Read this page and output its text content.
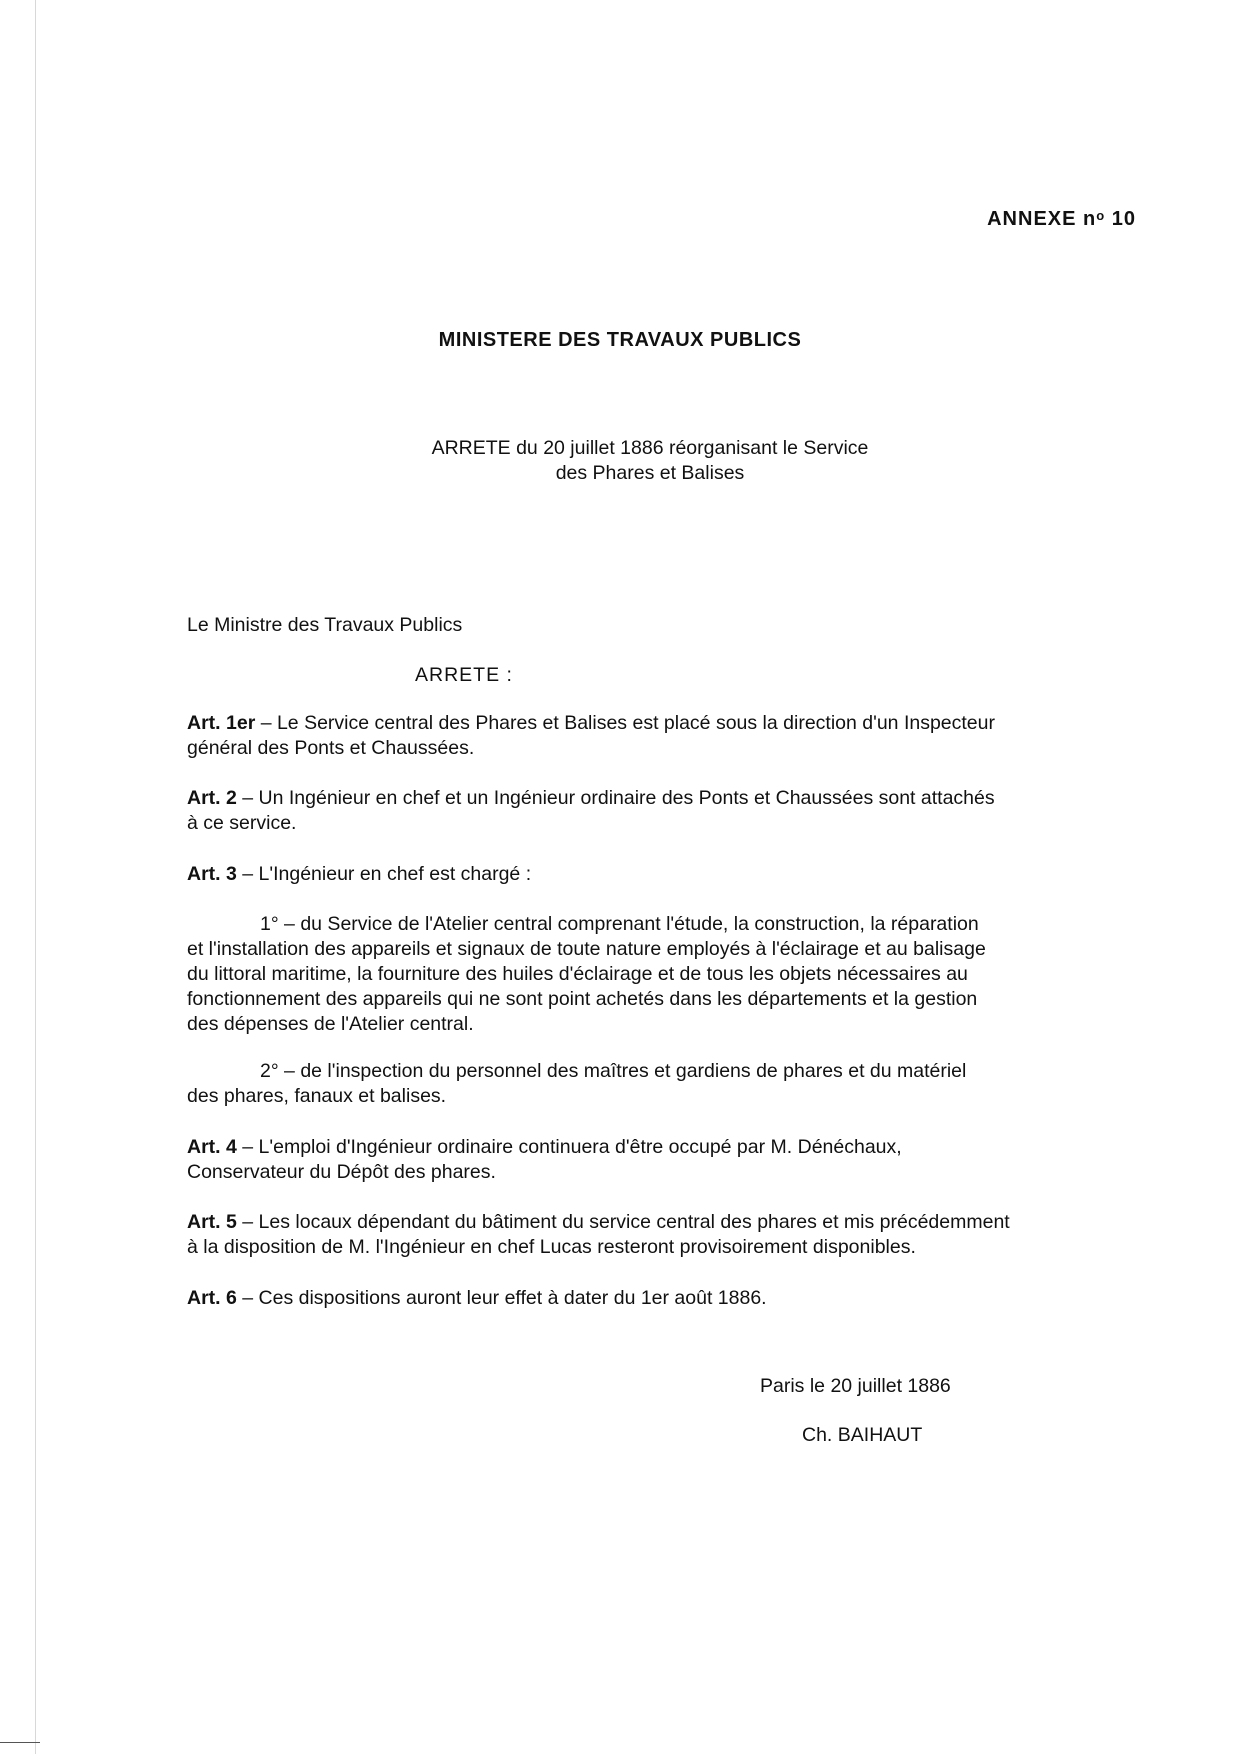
ANNEXE $n^o$ 10
MINISTERE DES TRAVAUX PUBLICS
ARRETE du 20 juillet 1886 réorganisant le Service
des Phares et Balises
Le Ministre des Travaux Publics
ARRETE :
Art. 1er – Le Service central des Phares et Balises est placé sous la direction d'un Inspecteur
général des Ponts et Chaussées.
Art. 2 – Un Ingénieur en chef et un Ingénieur ordinaire des Ponts et Chaussées sont attachés
à ce service.
Art. 3 – L'Ingénieur en chef est chargé :
1° – du Service de l'Atelier central comprenant l'étude, la construction, la réparation
et l'installation des appareils et signaux de toute nature employés à l'éclairage et au balisage
du littoral maritime, la fourniture des huiles d'éclairage et de tous les objets nécessaires au
fonctionnement des appareils qui ne sont point achetés dans les départements et la gestion
des dépenses de l'Atelier central.
2° – de l'inspection du personnel des maîtres et gardiens de phares et du matériel
des phares, fanaux et balises.
Art. 4 – L'emploi d'Ingénieur ordinaire continuera d'être occupé par M. Dénéchaux,
Conservateur du Dépôt des phares.
Art. 5 – Les locaux dépendant du bâtiment du service central des phares et mis précédemment
à la disposition de M. l'Ingénieur en chef Lucas resteront provisoirement disponibles.
Art. 6 – Ces dispositions auront leur effet à dater du 1er août 1886.
Paris le 20 juillet 1886
Ch. BAIHAUT
